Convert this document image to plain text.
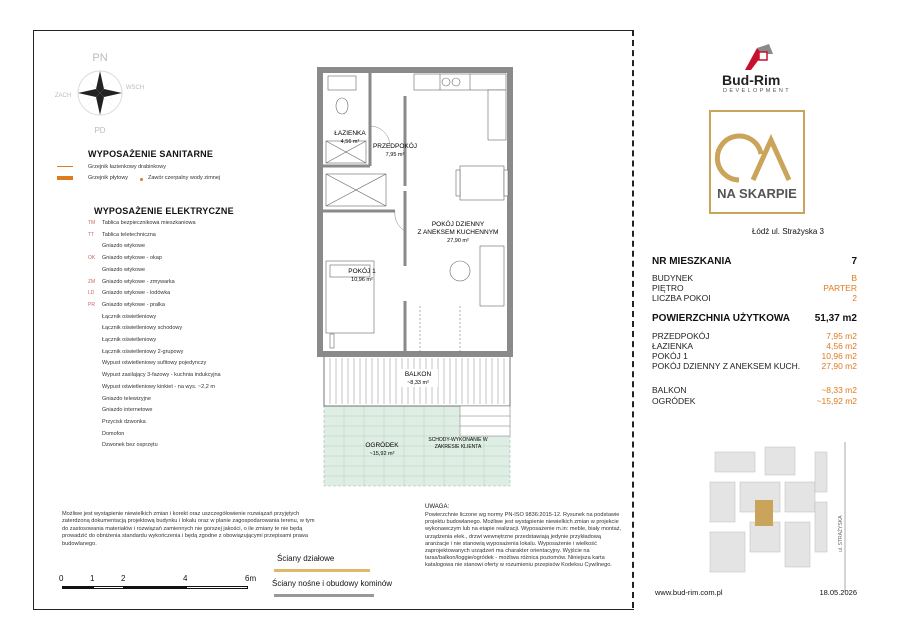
PN
PD
ZACH
WSCH
WYPOSAŻENIE SANITARNE
Grzejnik łazienkowy drabinkowy
Grzejnik płytowy	Zawór czerpalny wody zimnej
WYPOSAŻENIE ELEKTRYCZNE
TM Tablica bezpiecznikowa mieszkaniowa
TT Tablica teletechniczna
Gniazdo wtykowe
OK Gniazdo wtykowe - okap
Gniazdo wtykowe
ZM Gniazdo wtykowe - zmywarka
LD Gniazdo wtykowe - lodówka
PR Gniazdo wtykowe - pralka
Łącznik oświetleniowy
Łącznik oświetleniowy schodowy
Łącznik oświetleniowy
Łącznik oświetleniowy 2-grupowy
Wypust oświetleniowy sufitowy pojedynczy
Wypust zasilający 3-fazowy - kuchnia indukcyjna
Wypust oświetleniowy kinkiet - na wys. ~2,2 m
Gniazdo telewizyjne
Gniazdo internetowe
Przycisk dzwonka
Domofon
Dzwonek bez osprzętu
ŁAZIENKA
4,56 m²
PRZEDPOKÓJ
7,95 m²
POKÓJ DZIENNY
Z ANEKSEM KUCHENNYM
27,90 m²
POKÓJ 1
10,96 m²
BALKON
~8,33 m²
OGRÓDEK
~15,92 m²
SCHODY-WYKONANIE W
ZAKRESIE KLIENTA
Możliwe jest wystąpienie niewielkich zmian i korekt oraz uszczegółowienie rozwiązań przyjętych zaterdzoną dokumentacją projektową budynku i lokalu oraz w planie zagospodarowania terenu, w tym do zastosowania materiałów i rozwiązań zamiennych nie gorszej jakości, o ile zmiany te nie będą prowadzić do obniżenia standardu wykończenia i będą zgodne z obowiązującymi przepisami prawa budowlanego.
0	1	2	4	6m
Ściany działowe
Ściany nośne i obudowy kominów
UWAGA:
Powierzchnie liczone wg normy PN-ISO 9836:2015-12. Rysunek na podstawie projektu budowlanego. Możliwe jest wystąpienie niewielkich zmian w projekcie wykonawczym lub na etapie realizacji. Wyposażenie m.in: meble, biały montaż, urządzenia elek., drzwi wewnętrzne przedstawiają jedynie przykładową aranżacje i nie stanowią wyposażenia lokalu. Wyposażenie i wielkość zaprojektowanych urządzeń ma charakter orientacyjny. Wyjście na taras/balkon/loggie/ogródek - możliwa różnica poziomów. Niniejsza karta katalogowa nie stanowi oferty w rozumieniu przepisów Kodeksu Cywilnego.
Bud-Rim
DEVELOPMENT
NA SKARPIE
Łódź ul. Strażyska 3
NR MIESZKANIA	7
BUDYNEK	B
PIĘTRO	PARTER
LICZBA POKOI	2
POWIERZCHNIA UŻYTKOWA 51,37 m2
PRZEDPOKÓJ	7,95 m2
ŁAZIENKA	4,56 m2
POKÓJ 1	10,96 m2
POKÓJ DZIENNY Z ANEKSEM KUCH.	27,90 m2
BALKON	~8,33 m2
OGRÓDEK	~15,92 m2
ul. STRAŻYSKA
www.bud-rim.com.pl	18.05.2026
